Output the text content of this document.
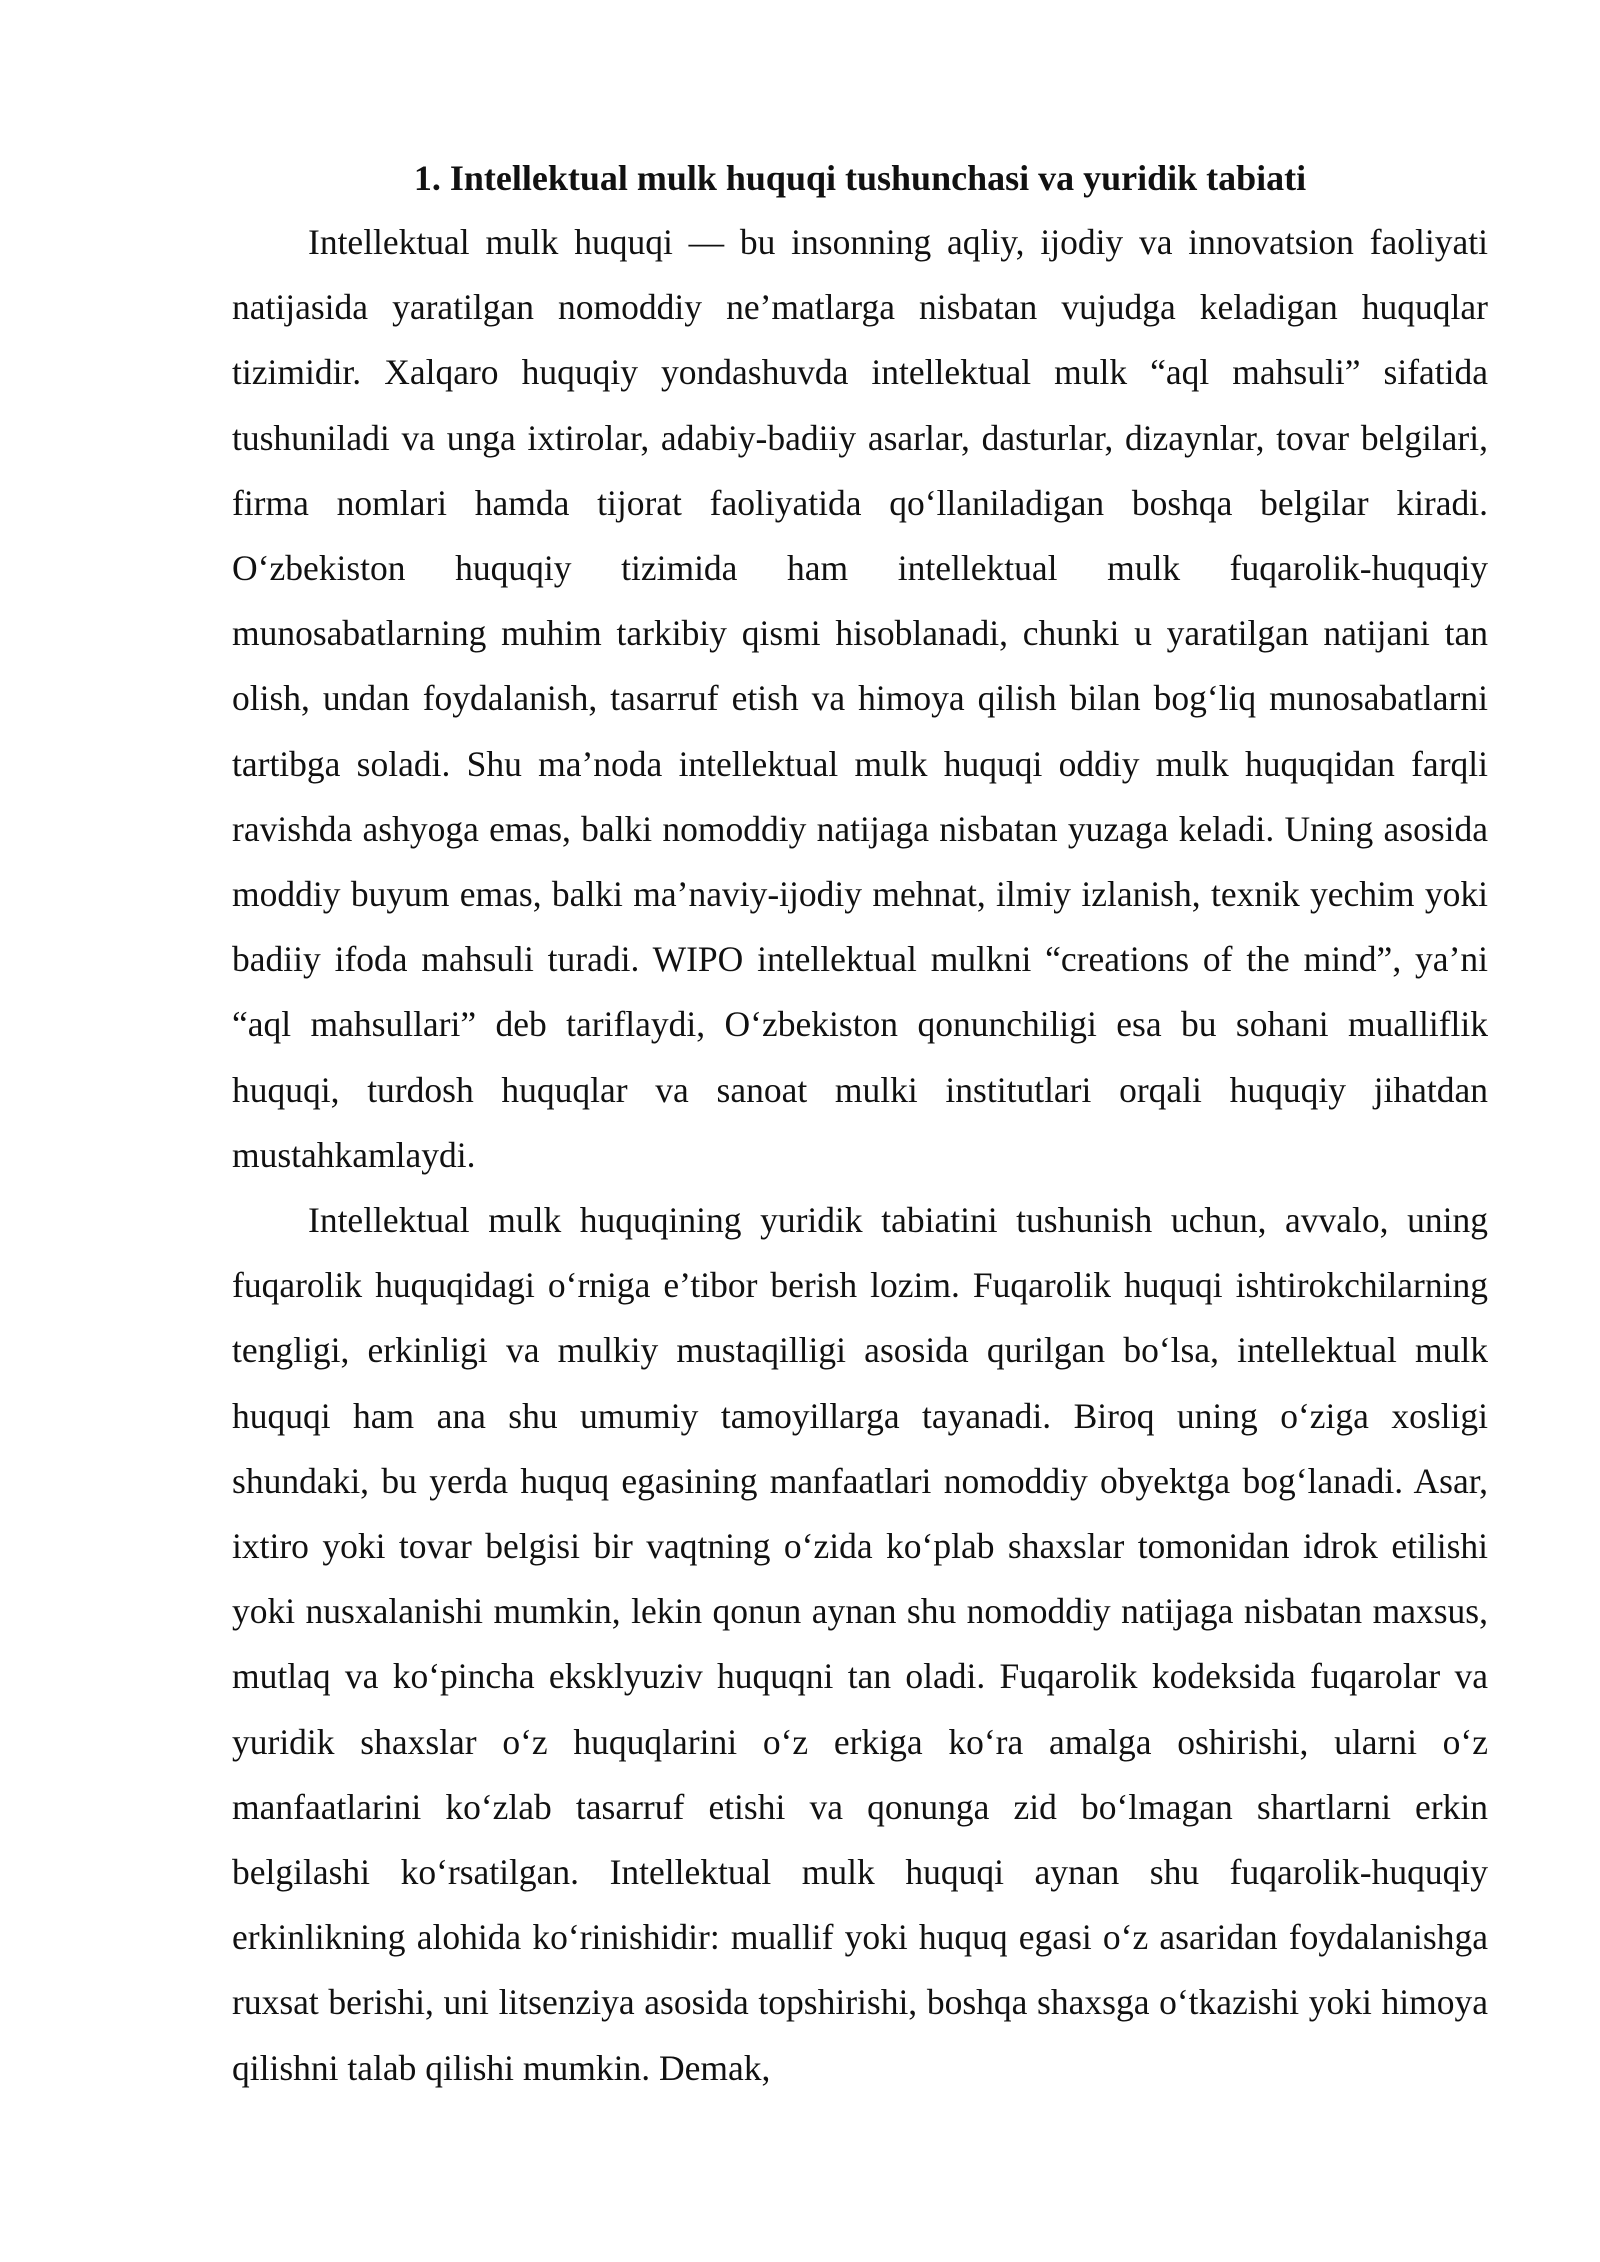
1. Intellektual mulk huquqi tushunchasi va yuridik tabiati

Intellektual mulk huquqi — bu insonning aqliy, ijodiy va innovatsion faoliyati natijasida yaratilgan nomoddiy ne’matlarga nisbatan vujudga keladigan huquqlar tizimidir. Xalqaro huquqiy yondashuvda intellektual mulk “aql mahsuli” sifatida tushuniladi va unga ixtirolar, adabiy-badiiy asarlar, dasturlar, dizaynlar, tovar belgilari, firma nomlari hamda tijorat faoliyatida qo‘llaniladigan boshqa belgilar kiradi. O‘zbekiston huquqiy tizimida ham intellektual mulk fuqarolik-huquqiy munosabatlarning muhim tarkibiy qismi hisoblanadi, chunki u yaratilgan natijani tan olish, undan foydalanish, tasarruf etish va himoya qilish bilan bog‘liq munosabatlarni tartibga soladi. Shu ma’noda intellektual mulk huquqi oddiy mulk huquqidan farqli ravishda ashyoga emas, balki nomoddiy natijaga nisbatan yuzaga keladi. Uning asosida moddiy buyum emas, balki ma’naviy-ijodiy mehnat, ilmiy izlanish, texnik yechim yoki badiiy ifoda mahsuli turadi. WIPO intellektual mulkni “creations of the mind”, ya’ni “aql mahsullari” deb tariflaydi, O‘zbekiston qonunchiligi esa bu sohani mualliflik huquqi, turdosh huquqlar va sanoat mulki institutlari orqali huquqiy jihatdan mustahkamlaydi.

Intellektual mulk huquqining yuridik tabiatini tushunish uchun, avvalo, uning fuqarolik huquqidagi o‘rniga e’tibor berish lozim. Fuqarolik huquqi ishtirokchilarning tengligi, erkinligi va mulkiy mustaqilligi asosida qurilgan bo‘lsa, intellektual mulk huquqi ham ana shu umumiy tamoyillarga tayanadi. Biroq uning o‘ziga xosligi shundaki, bu yerda huquq egasining manfaatlari nomoddiy obyektga bog‘lanadi. Asar, ixtiro yoki tovar belgisi bir vaqtning o‘zida ko‘plab shaxslar tomonidan idrok etilishi yoki nusxalanishi mumkin, lekin qonun aynan shu nomoddiy natijaga nisbatan maxsus, mutlaq va ko‘pincha eksklyuziv huquqni tan oladi. Fuqarolik kodeksida fuqarolar va yuridik shaxslar o‘z huquqlarini o‘z erkiga ko‘ra amalga oshirishi, ularni o‘z manfaatlarini ko‘zlab tasarruf etishi va qonunga zid bo‘lmagan shartlarni erkin belgilashi ko‘rsatilgan. Intellektual mulk huquqi aynan shu fuqarolik-huquqiy erkinlikning alohida ko‘rinishidir: muallif yoki huquq egasi o‘z asaridan foydalanishga ruxsat berishi, uni litsenziya asosida topshirishi, boshqa shaxsga o‘tkazishi yoki himoya qilishni talab qilishi mumkin. Demak,
